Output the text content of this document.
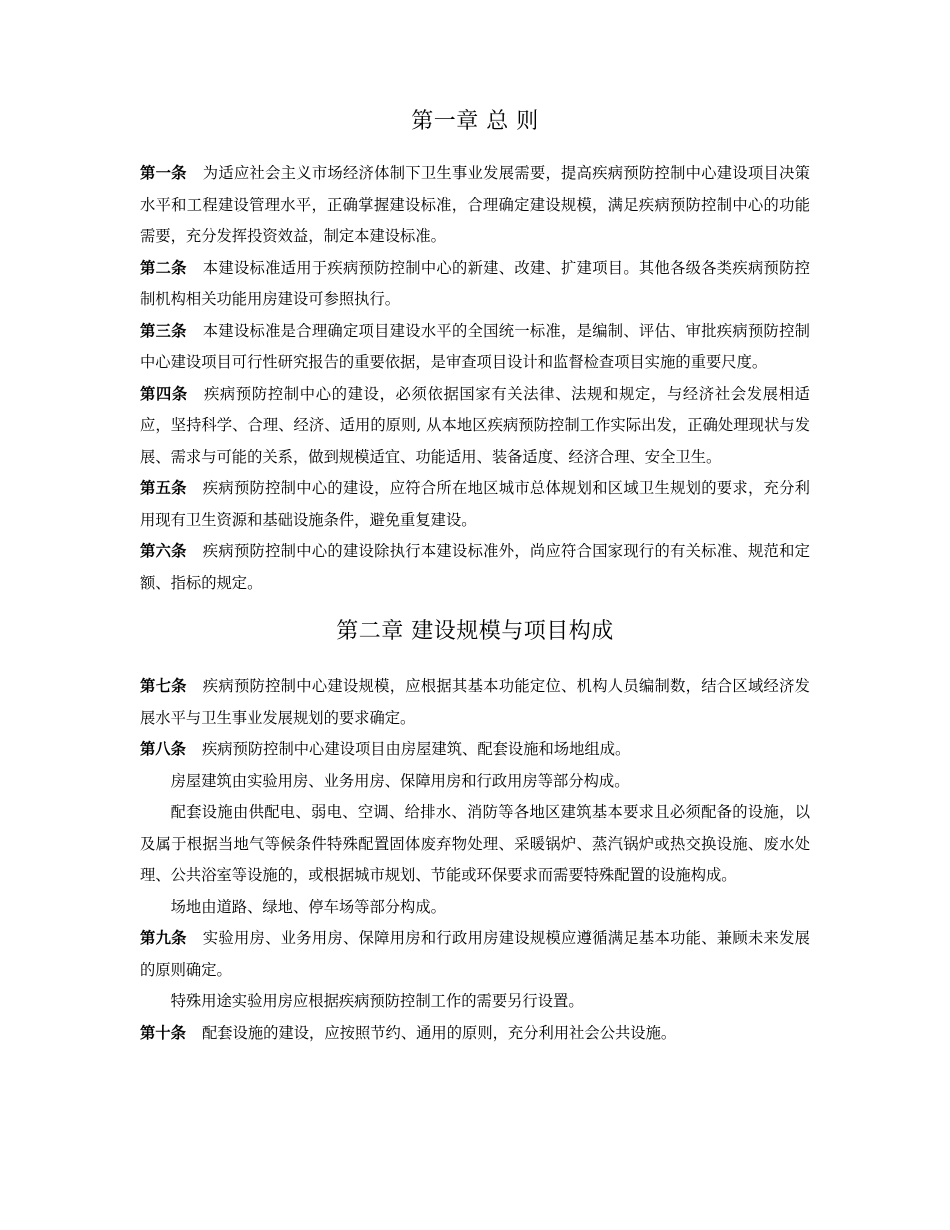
第一章 总 则

第一条 为适应社会主义市场经济体制下卫生事业发展需要，提高疾病预防控制中心建设项目决策水平和工程建设管理水平，正确掌握建设标准，合理确定建设规模，满足疾病预防控制中心的功能需要，充分发挥投资效益，制定本建设标准。

第二条 本建设标准适用于疾病预防控制中心的新建、改建、扩建项目。其他各级各类疾病预防控制机构相关功能用房建设可参照执行。

第三条 本建设标准是合理确定项目建设水平的全国统一标准，是编制、评估、审批疾病预防控制中心建设项目可行性研究报告的重要依据，是审查项目设计和监督检查项目实施的重要尺度。

第四条 疾病预防控制中心的建设，必须依据国家有关法律、法规和规定，与经济社会发展相适应，坚持科学、合理、经济、适用的原则, 从本地区疾病预防控制工作实际出发，正确处理现状与发展、需求与可能的关系，做到规模适宜、功能适用、装备适度、经济合理、安全卫生。

第五条 疾病预防控制中心的建设，应符合所在地区城市总体规划和区域卫生规划的要求，充分利用现有卫生资源和基础设施条件，避免重复建设。

第六条 疾病预防控制中心的建设除执行本建设标准外，尚应符合国家现行的有关标准、规范和定额、指标的规定。

第二章 建设规模与项目构成

第七条 疾病预防控制中心建设规模，应根据其基本功能定位、机构人员编制数，结合区域经济发展水平与卫生事业发展规划的要求确定。

第八条 疾病预防控制中心建设项目由房屋建筑、配套设施和场地组成。

房屋建筑由实验用房、业务用房、保障用房和行政用房等部分构成。

配套设施由供配电、弱电、空调、给排水、消防等各地区建筑基本要求且必须配备的设施，以及属于根据当地气等候条件特殊配置固体废弃物处理、采暖锅炉、蒸汽锅炉或热交换设施、废水处理、公共浴室等设施的，或根据城市规划、节能或环保要求而需要特殊配置的设施构成。

场地由道路、绿地、停车场等部分构成。

第九条 实验用房、业务用房、保障用房和行政用房建设规模应遵循满足基本功能、兼顾未来发展的原则确定。

特殊用途实验用房应根据疾病预防控制工作的需要另行设置。

第十条 配套设施的建设，应按照节约、通用的原则，充分利用社会公共设施。
